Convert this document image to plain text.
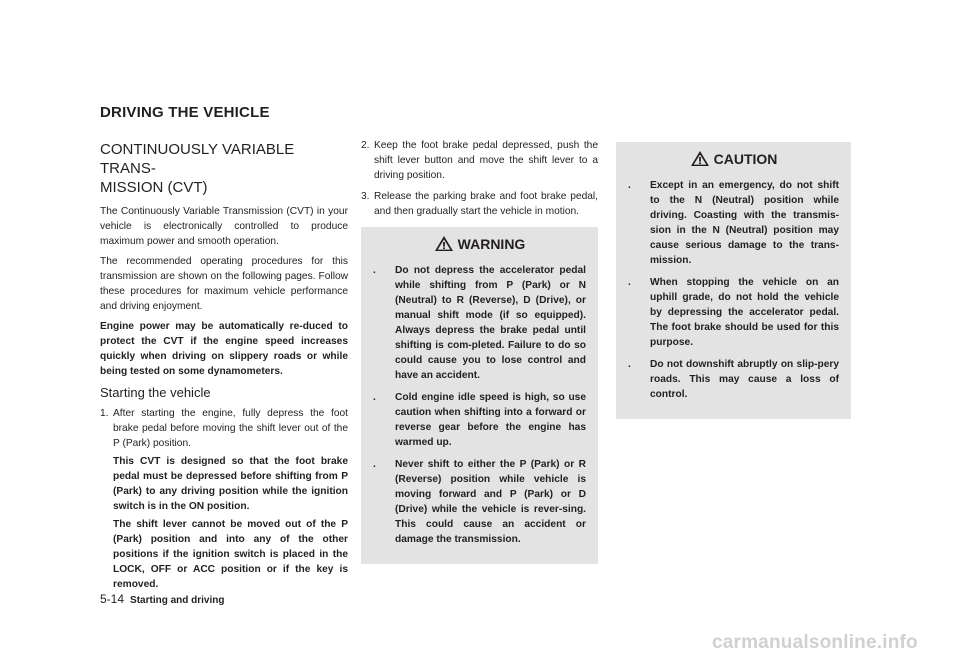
DRIVING THE VEHICLE
CONTINUOUSLY VARIABLE TRANS-
MISSION (CVT)

The Continuously Variable Transmission (CVT) in your vehicle is electronically controlled to produce maximum power and smooth operation.

The recommended operating procedures for this transmission are shown on the following pages. Follow these procedures for maximum vehicle performance and driving enjoyment.

Engine power may be automatically re-duced to protect the CVT if the engine speed increases quickly when driving on slippery roads or while being tested on some dynamometers.

Starting the vehicle
1. After starting the engine, fully depress the foot brake pedal before moving the shift lever out of the P (Park) position.

This CVT is designed so that the foot brake pedal must be depressed before shifting from P (Park) to any driving position while the ignition switch is in the ON position.

The shift lever cannot be moved out of the P (Park) position and into any of the other positions if the ignition switch is placed in the LOCK, OFF or ACC position or if the key is removed.

2. Keep the foot brake pedal depressed, push the shift lever button and move the shift lever to a driving position.

3. Release the parking brake and foot brake pedal, and then gradually start the vehicle in motion.

WARNING
. Do not depress the accelerator pedal while shifting from P (Park) or N (Neutral) to R (Reverse), D (Drive), or manual shift mode (if so equipped). Always depress the brake pedal until shifting is com-pleted. Failure to do so could cause you to lose control and have an accident.
. Cold engine idle speed is high, so use caution when shifting into a forward or reverse gear before the engine has warmed up.
. Never shift to either the P (Park) or R (Reverse) position while vehicle is moving forward and P (Park) or D (Drive) while the vehicle is rever-sing. This could cause an accident or damage the transmission.
CAUTION
. Except in an emergency, do not shift to the N (Neutral) position while driving. Coasting with the transmis-sion in the N (Neutral) position may cause serious damage to the trans-mission.
. When stopping the vehicle on an uphill grade, do not hold the vehicle by depressing the accelerator pedal. The foot brake should be used for this purpose.
. Do not downshift abruptly on slip-pery roads. This may cause a loss of control.
5-14 Starting and driving
carmanualsonline.info
